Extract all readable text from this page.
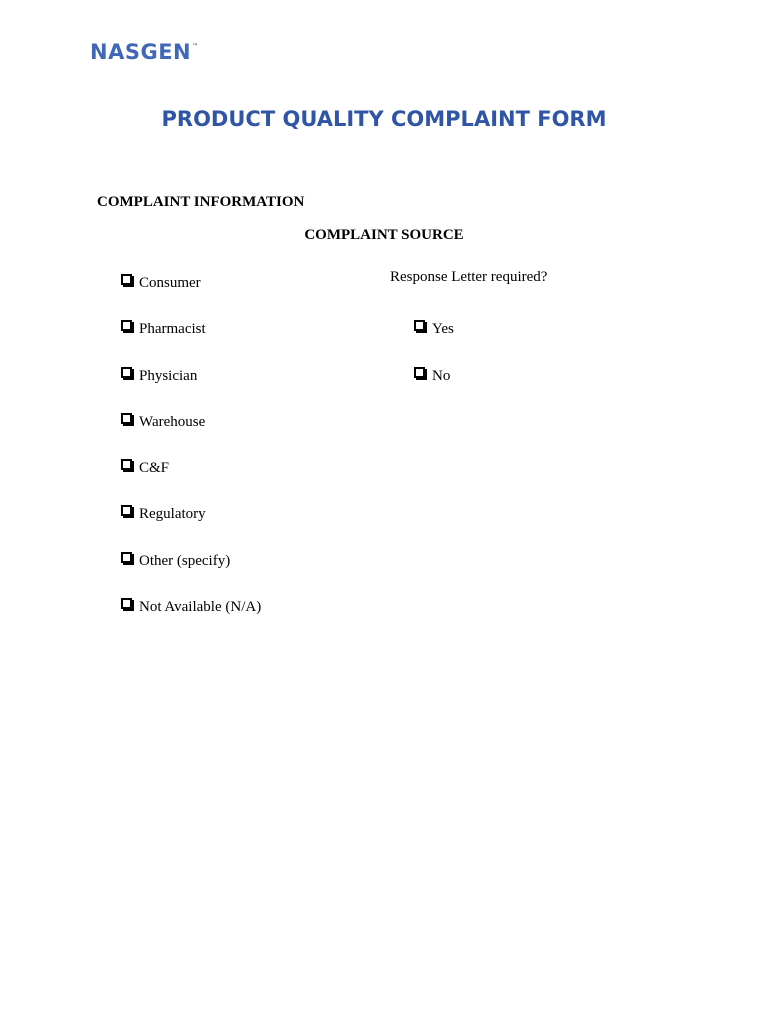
NASGEN™
PRODUCT QUALITY COMPLAINT FORM
COMPLAINT INFORMATION
COMPLAINT SOURCE
Consumer
Pharmacist
Physician
Warehouse
C&F
Regulatory
Other (specify)
Not Available (N/A)
Response Letter required?
Yes
No
